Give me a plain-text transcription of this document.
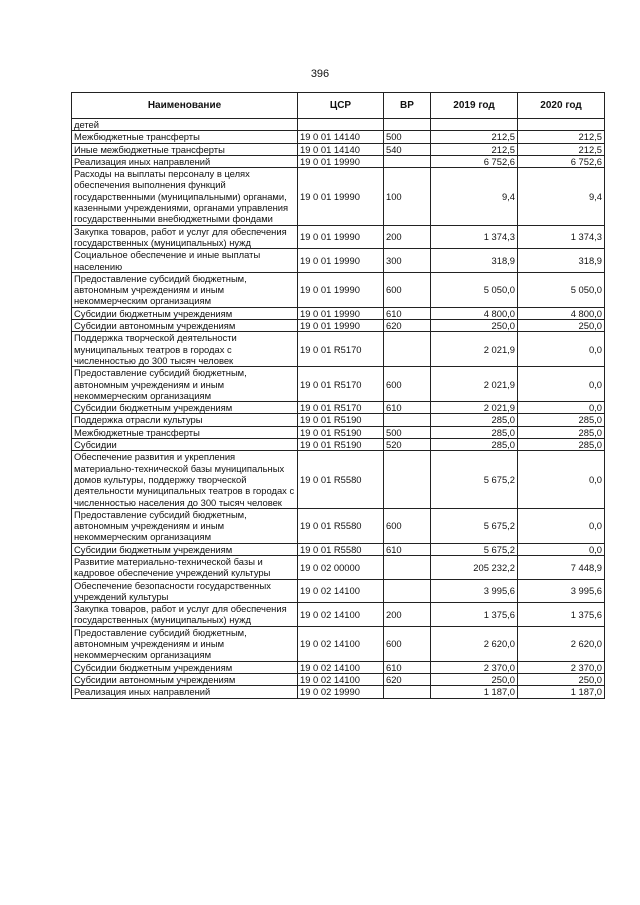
396
Наименование	ЦСР	ВР	2019 год	2020 год
детей				
Межбюджетные трансферты	19 0 01 14140	500	212,5	212,5
Иные межбюджетные трансферты	19 0 01 14140	540	212,5	212,5
Реализация иных направлений	19 0 01 19990		6 752,6	6 752,6
Расходы на выплаты персоналу в целях обеспечения выполнения функций государственными (муниципальными) органами, казенными учреждениями, органами управления государственными внебюджетными фондами	19 0 01 19990	100	9,4	9,4
Закупка товаров, работ и услуг для обеспечения государственных (муниципальных) нужд	19 0 01 19990	200	1 374,3	1 374,3
Социальное обеспечение и иные выплаты населению	19 0 01 19990	300	318,9	318,9
Предоставление субсидий бюджетным, автономным учреждениям и иным некоммерческим организациям	19 0 01 19990	600	5 050,0	5 050,0
Субсидии бюджетным учреждениям	19 0 01 19990	610	4 800,0	4 800,0
Субсидии автономным учреждениям	19 0 01 19990	620	250,0	250,0
Поддержка творческой деятельности муниципальных театров в городах с численностью до 300 тысяч человек	19 0 01 R5170		2 021,9	0,0
Предоставление субсидий бюджетным, автономным учреждениям и иным некоммерческим организациям	19 0 01 R5170	600	2 021,9	0,0
Субсидии бюджетным учреждениям	19 0 01 R5170	610	2 021,9	0,0
Поддержка отрасли культуры	19 0 01 R5190		285,0	285,0
Межбюджетные трансферты	19 0 01 R5190	500	285,0	285,0
Субсидии	19 0 01 R5190	520	285,0	285,0
Обеспечение развития и укрепления материально-технической базы муниципальных домов культуры, поддержку творческой деятельности муниципальных театров в городах с численностью населения до 300 тысяч человек	19 0 01 R5580		5 675,2	0,0
Предоставление субсидий бюджетным, автономным учреждениям и иным некоммерческим организациям	19 0 01 R5580	600	5 675,2	0,0
Субсидии бюджетным учреждениям	19 0 01 R5580	610	5 675,2	0,0
Развитие материально-технической базы и кадровое обеспечение учреждений культуры	19 0 02 00000		205 232,2	7 448,9
Обеспечение безопасности государственных учреждений культуры	19 0 02 14100		3 995,6	3 995,6
Закупка товаров, работ и услуг для обеспечения государственных (муниципальных) нужд	19 0 02 14100	200	1 375,6	1 375,6
Предоставление субсидий бюджетным, автономным учреждениям и иным некоммерческим организациям	19 0 02 14100	600	2 620,0	2 620,0
Субсидии бюджетным учреждениям	19 0 02 14100	610	2 370,0	2 370,0
Субсидии автономным учреждениям	19 0 02 14100	620	250,0	250,0
Реализация иных направлений	19 0 02 19990		1 187,0	1 187,0
